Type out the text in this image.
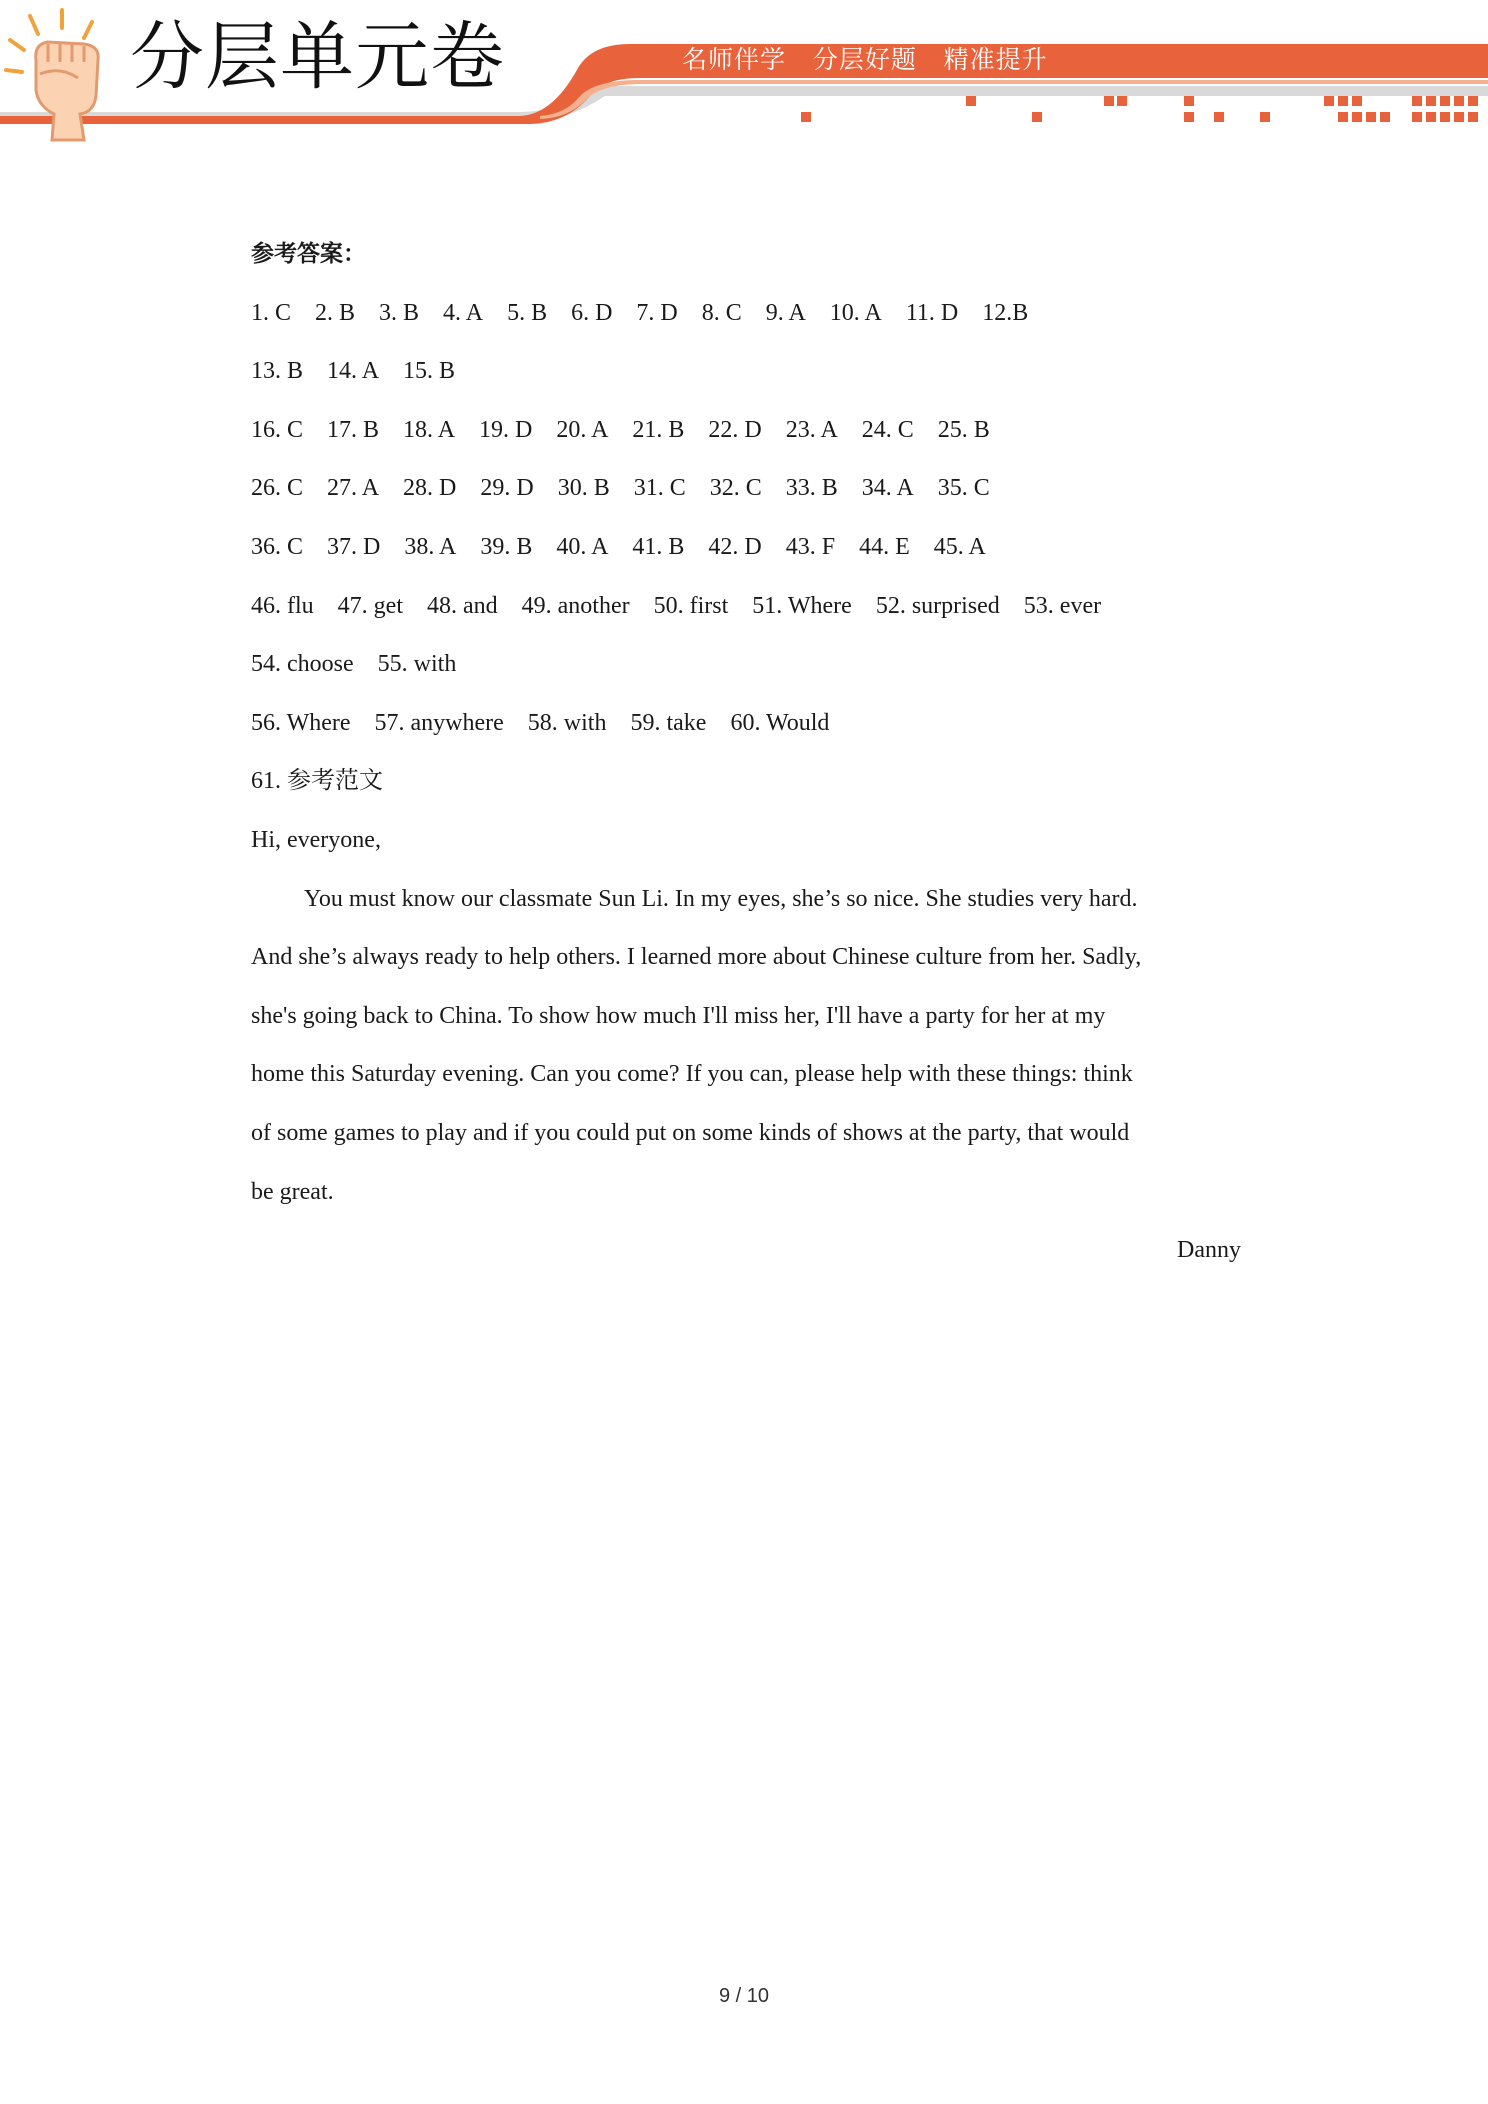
分层单元卷	名师伴学   分层好题   精准提升
参考答案：
1. C 2. B 3. B 4. A 5. B 6. D 7. D 8. C 9. A 10. A 11. D 12.B
13. B 14. A 15. B
16. C 17. B 18. A 19. D 20. A 21. B 22. D 23. A 24. C 25. B
26. C 27. A 28. D 29. D 30. B 31. C 32. C 33. B 34. A 35. C
36. C 37. D 38. A 39. B 40. A 41. B 42. D 43. F 44. E 45. A
46. flu 47. get 48. and 49. another 50. first 51. Where 52. surprised 53. ever
54. choose 55. with
56. Where 57. anywhere 58. with 59. take 60. Would
61. 参考范文
Hi, everyone,
You must know our classmate Sun Li. In my eyes, she’s so nice. She studies very hard.
And she’s always ready to help others. I learned more about Chinese culture from her. Sadly,
she's going back to China. To show how much I'll miss her, I'll have a party for her at my
home this Saturday evening. Can you come? If you can, please help with these things: think
of some games to play and if you could put on some kinds of shows at the party, that would
be great.
Danny
9 / 10
